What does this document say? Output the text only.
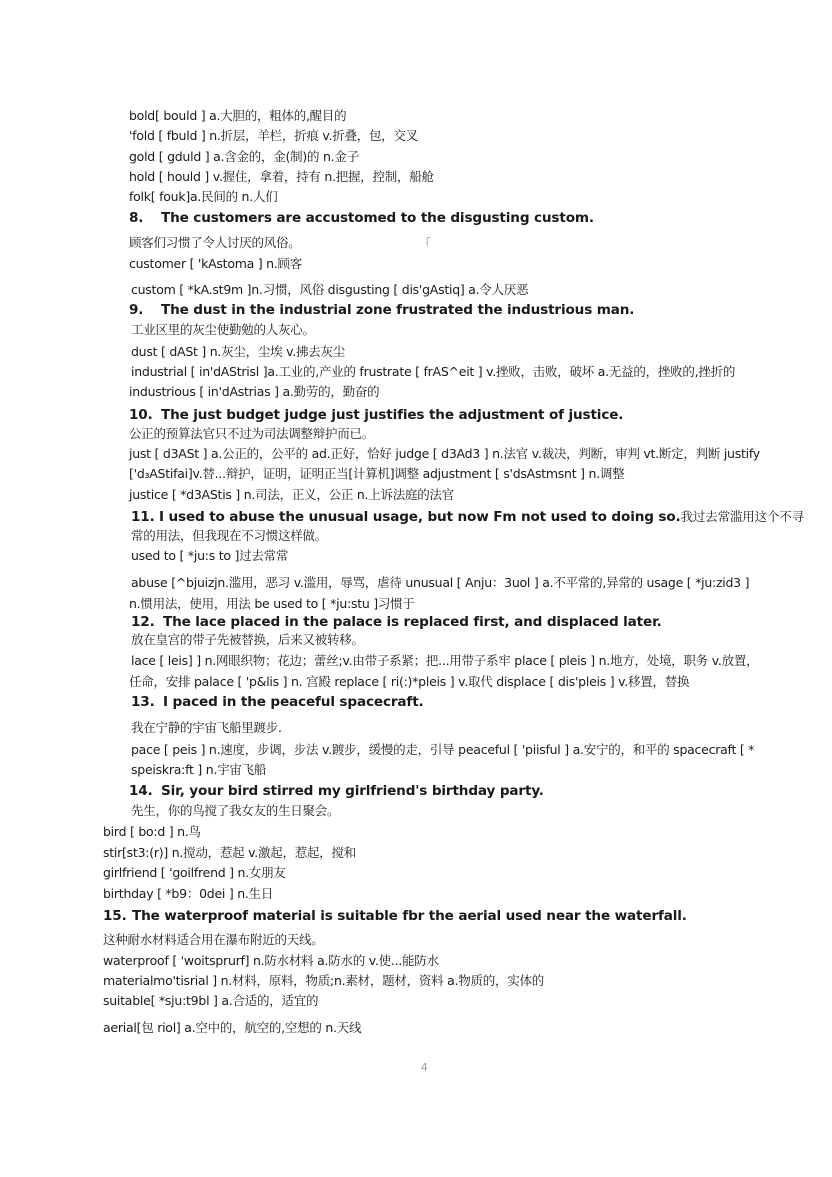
bold[ bould ] a.大胆的，粗体的,醒目的
'fold [ fbuld ] n.折层，羊栏，折痕 v.折叠，包，交叉
gold [ gduld ] a.含金的，金(制)的 n.金子
hold [ hould ] v.握住，拿着，持有 n.把握，控制，船舱
folk[ fouk]a.民间的 n.人们
8. The customers are accustomed to the disgusting custom.
顾客们习惯了令人讨厌的风俗。	「
customer [ 'kAstoma ] n.顾客
custom [ *kA.st9m ]n.习惯，风俗 disgusting [ dis'gAstiq] a.令人厌恶
9. The dust in the industrial zone frustrated the industrious man.
工业区里的灰尘使勤勉的人灰心。
dust [ dASt ] n.灰尘，尘埃 v.拂去灰尘
industrial [ in'dAStrisl ]a.工业的,产业的 frustrate [ frAS^eit ] v.挫败，击败，破坏 a.无益的，挫败的,挫折的
industrious [ in'dAstrias ] a.勤劳的，勤奋的
10. The just budget judge just justifies the adjustment of justice.
公正的预算法官只不过为司法调整辩护而已。
just [ d3ASt ] a.公正的，公平的 ad.正好，恰好 judge [ d3Ad3 ] n.法官 v.裁决，判断，审判 vt.断定，判断 justify
['d₃AStifai]v.替...辩护，证明，证明正当[计算机]调整 adjustment [ s'dsAstmsnt ] n.调整
justice [ *d3AStis ] n.司法，正义，公正 n.上诉法庭的法官
11. I used to abuse the unusual usage, but now Fm not used to doing so.我过去常滥用这个不寻
常的用法，但我现在不习惯这样做。
used to [ *ju:s to ]过去常常
abuse [^bjuizjn.滥用，恶习 v.滥用，辱骂，虐待 unusual [ Anju：3uol ] a.不平常的,异常的 usage [ *ju:zid3 ]
n.惯用法，使用，用法 be used to [ *ju:stu ]习惯于
12. The lace placed in the palace is replaced first, and displaced later.
放在皇宫的带子先被替换，后来又被转移。
lace [ leis] ] n.网眼织物；花边；蕾丝;v.由带子系紧；把...用带子系牢 place [ pleis ] n.地方，处境，职务 v.放置，
任命，安排 palace [ 'p&lis ] n. 宫殿 replace [ ri(:)*pleis ] v.取代 displace [ dis'pleis ] v.移置，替换
13. I paced in the peaceful spacecraft.
我在宁静的宇宙飞船里踱步.
pace [ peis ] n.速度，步调，步法 v.踱步，缓慢的走，引导 peaceful [ 'piisful ] a.安宁的，和平的 spacecraft [ *
speiskra:ft ] n.宇宙飞船
14. Sir, your bird stirred my girlfriend's birthday party.
先生，你的鸟搅了我女友的生日聚会。
bird [ bo:d ] n.鸟
stir[st3:(r)] n.搅动，惹起 v.激起，惹起，搅和
girlfriend [ 'goilfrend ] n.女朋友
birthday [ *b9：0dei ] n.生日
15. The waterproof material is suitable fbr the aerial used near the waterfall.
这种耐水材料适合用在瀑布附近的天线。
waterproof [ 'woitsprurf] n.防水材料 a.防水的 v.使...能防水
materialmo'tisrial ] n.材料，原料，物质;n.素材，题材，资料 a.物质的，实体的
suitable[ *sju:t9bl ] a.合适的，适宜的
aerial[包 riol] a.空中的，航空的,空想的 n.天线
4
